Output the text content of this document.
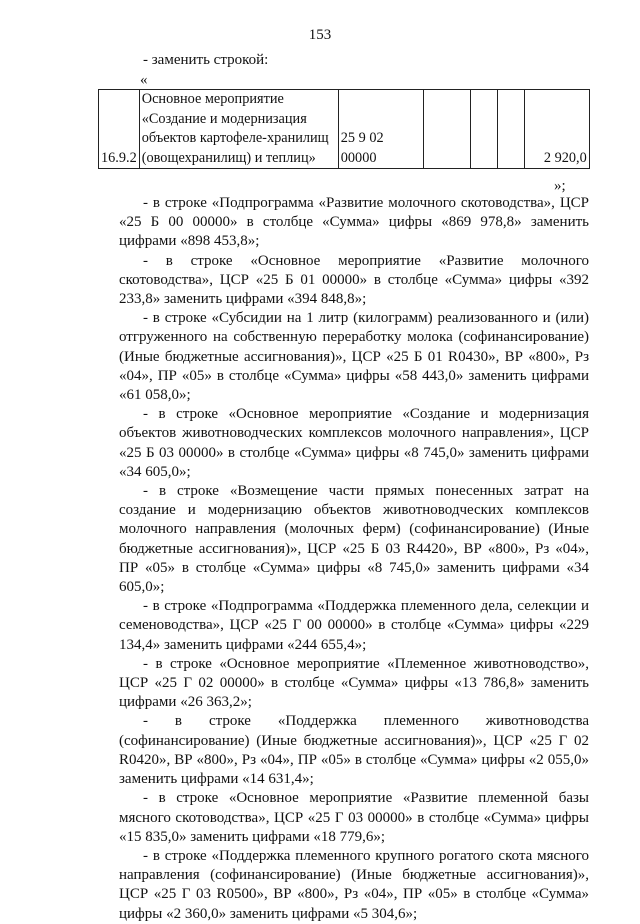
153
- заменить строкой:
«
16.9.2	Основное мероприятие «Создание и модернизация объектов картофеле-хранилищ (овощехранилищ) и теплиц»	25 9 02 00000				2 920,0
»;

- в строке «Подпрограмма «Развитие молочного скотоводства», ЦСР «25 Б 00 00000» в столбце «Сумма» цифры «869 978,8» заменить цифрами «898 453,8»;

- в строке «Основное мероприятие «Развитие молочного скотоводства», ЦСР «25 Б 01 00000» в столбце «Сумма» цифры «392 233,8» заменить цифрами «394 848,8»;

- в строке «Субсидии на 1 литр (килограмм) реализованного и (или) отгруженного на собственную переработку молока (софинансирование) (Иные бюджетные ассигнования)», ЦСР «25 Б 01 R0430», ВР «800», Рз «04», ПР «05» в столбце «Сумма» цифры «58 443,0» заменить цифрами «61 058,0»;

- в строке «Основное мероприятие «Создание и модернизация объектов животноводческих комплексов молочного направления», ЦСР «25 Б 03 00000» в столбце «Сумма» цифры «8 745,0» заменить цифрами «34 605,0»;

- в строке «Возмещение части прямых понесенных затрат на создание и модернизацию объектов животноводческих комплексов молочного направления (молочных ферм) (софинансирование) (Иные бюджетные ассигнования)», ЦСР «25 Б 03 R4420», ВР «800», Рз «04», ПР «05» в столбце «Сумма» цифры «8 745,0» заменить цифрами «34 605,0»;

- в строке «Подпрограмма «Поддержка племенного дела, селекции и семеноводства», ЦСР «25 Г 00 00000» в столбце «Сумма» цифры «229 134,4» заменить цифрами «244 655,4»;

- в строке «Основное мероприятие «Племенное животноводство», ЦСР «25 Г 02 00000» в столбце «Сумма» цифры «13 786,8» заменить цифрами «26 363,2»;

- в строке «Поддержка племенного животноводства (софинансирование) (Иные бюджетные ассигнования)», ЦСР «25 Г 02 R0420», ВР «800», Рз «04», ПР «05» в столбце «Сумма» цифры «2 055,0» заменить цифрами «14 631,4»;

- в строке «Основное мероприятие «Развитие племенной базы мясного скотоводства», ЦСР «25 Г 03 00000» в столбце «Сумма» цифры «15 835,0» заменить цифрами «18 779,6»;

- в строке «Поддержка племенного крупного рогатого скота мясного направления (софинансирование) (Иные бюджетные ассигнования)», ЦСР «25 Г 03 R0500», ВР «800», Рз «04», ПР «05» в столбце «Сумма» цифры «2 360,0» заменить цифрами «5 304,6»;
